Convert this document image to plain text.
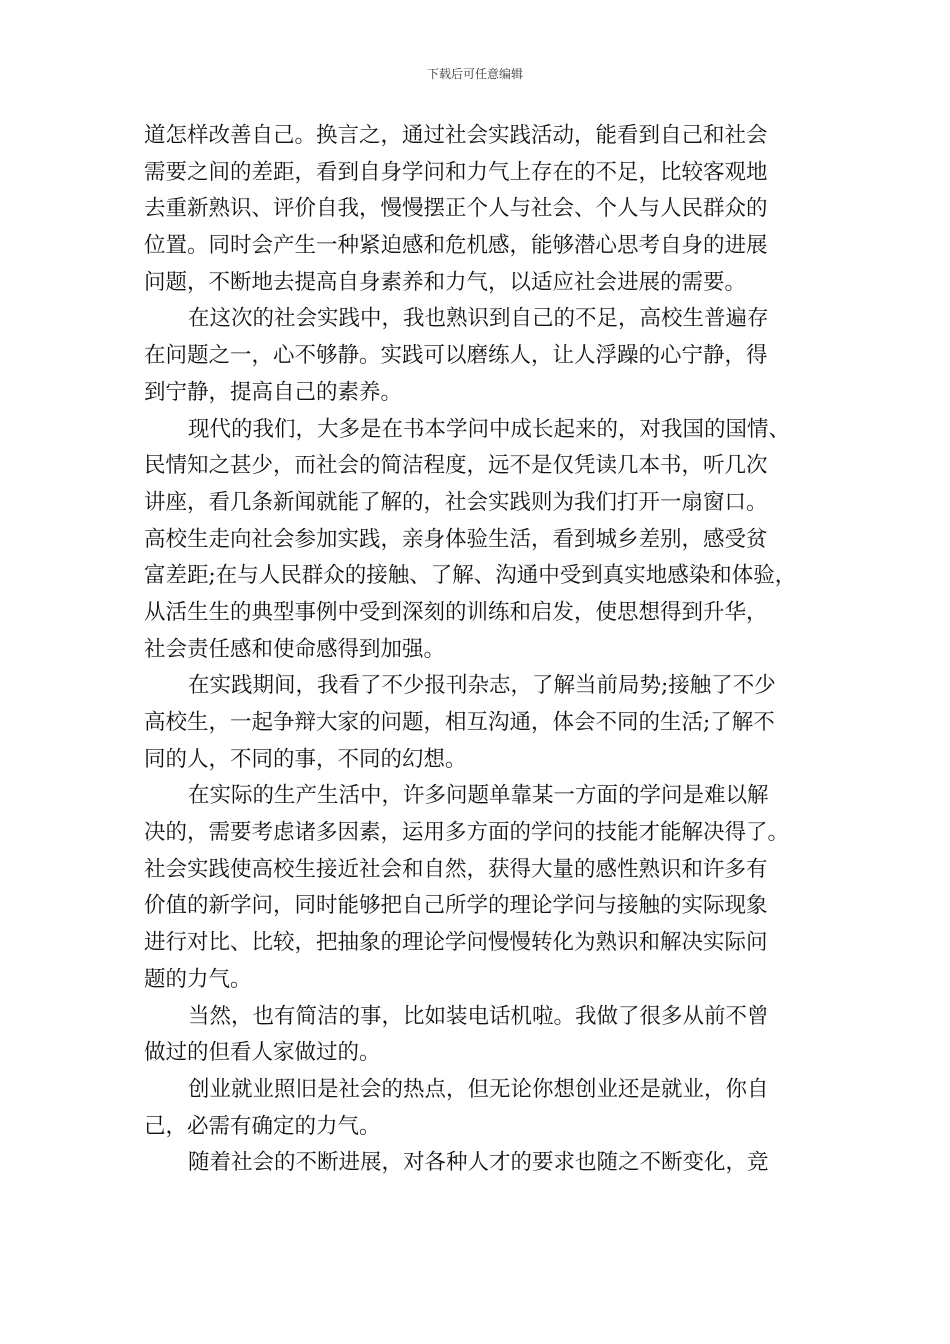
下载后可任意编辑
道怎样改善自己。换言之，通过社会实践活动，能看到自己和社会
需要之间的差距，看到自身学问和力气上存在的不足，比较客观地
去重新熟识、评价自我，慢慢摆正个人与社会、个人与人民群众的
位置。同时会产生一种紧迫感和危机感，能够潜心思考自身的进展
问题，不断地去提高自身素养和力气，以适应社会进展的需要。
在这次的社会实践中，我也熟识到自己的不足，高校生普遍存
在问题之一，心不够静。实践可以磨练人，让人浮躁的心宁静，得
到宁静，提高自己的素养。
现代的我们，大多是在书本学问中成长起来的，对我国的国情、
民情知之甚少，而社会的简洁程度，远不是仅凭读几本书，听几次
讲座，看几条新闻就能了解的，社会实践则为我们打开一扇窗口。
高校生走向社会参加实践，亲身体验生活，看到城乡差别，感受贫
富差距;在与人民群众的接触、了解、沟通中受到真实地感染和体验，
从活生生的典型事例中受到深刻的训练和启发，使思想得到升华，
社会责任感和使命感得到加强。
在实践期间，我看了不少报刊杂志，了解当前局势;接触了不少
高校生，一起争辩大家的问题，相互沟通，体会不同的生活;了解不
同的人，不同的事，不同的幻想。
在实际的生产生活中，许多问题单靠某一方面的学问是难以解
决的，需要考虑诸多因素，运用多方面的学问的技能才能解决得了。
社会实践使高校生接近社会和自然，获得大量的感性熟识和许多有
价值的新学问，同时能够把自己所学的理论学问与接触的实际现象
进行对比、比较，把抽象的理论学问慢慢转化为熟识和解决实际问
题的力气。
当然，也有简洁的事，比如装电话机啦。我做了很多从前不曾
做过的但看人家做过的。
创业就业照旧是社会的热点，但无论你想创业还是就业，你自
己，必需有确定的力气。
随着社会的不断进展，对各种人才的要求也随之不断变化，竞
